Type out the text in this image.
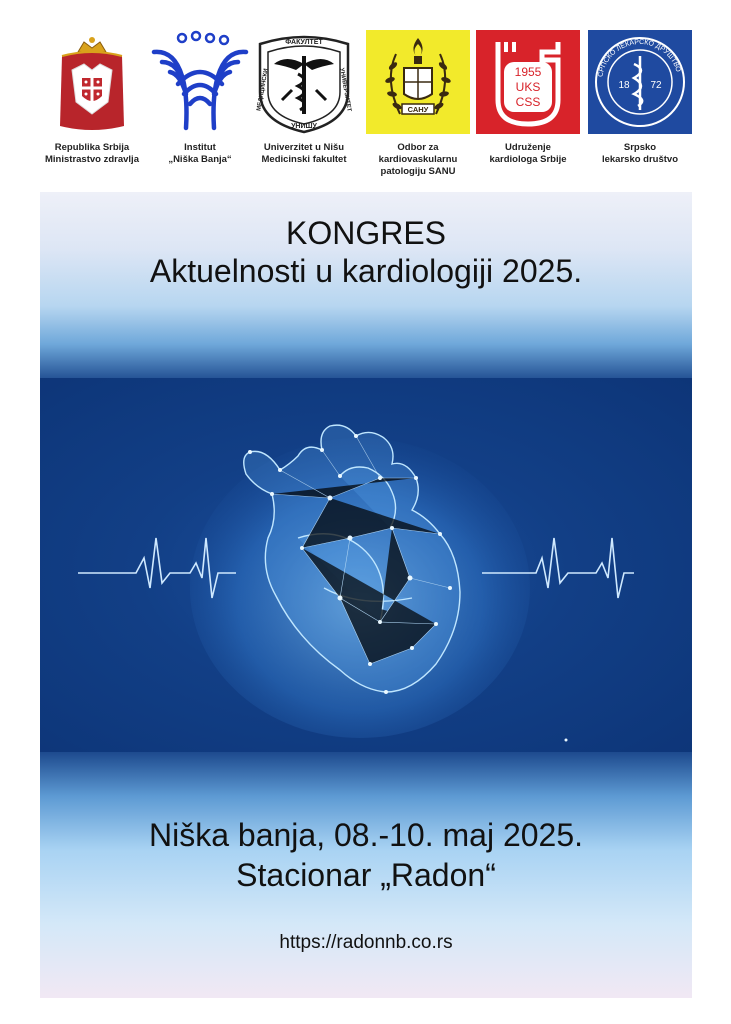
Republika Srbija
Ministrastvo zdravlja
Institut
„Niška Banja“
ФАКУЛТЕТ
МЕДИЦИНСКИ	УНИВЕРЗИТЕТ
УНИШУ
Univerzitet u Nišu
Medicinski fakultet
САНУ
Odbor za
kardiovaskularnu
patologiju SANU
1955
UKS
CSS
Udruženje
kardiologa Srbije
СРПСКО ЛЕКАРСКО ДРУШТВО
18 72
Srpsko
lekarsko društvo
KONGRES
Aktuelnosti u kardiologiji 2025.
Niška banja, 08.-10. maj 2025.
Stacionar „Radon“
https://radonnb.co.rs
